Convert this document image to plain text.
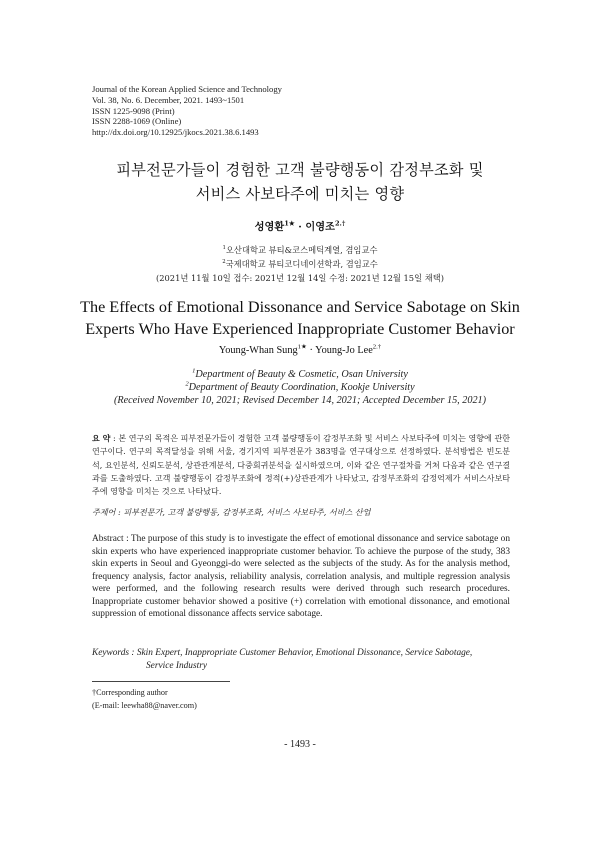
Journal of the Korean Applied Science and Technology
Vol. 38, No. 6. December, 2021. 1493~1501
ISSN 1225-9098 (Print)
ISSN 2288-1069 (Online)
http://dx.doi.org/10.12925/jkocs.2021.38.6.1493
피부전문가들이 경험한 고객 불량행동이 감정부조화 및
서비스 사보타주에 미치는 영향
성영환$^{1★}$ · 이영조$^{2.\dagger}$
$^1$오산대학교 뷰티&코스메틱계열, 겸임교수
$^2$국제대학교 뷰티코디네이션학과, 겸임교수
(2021년 11월 10일 접수: 2021년 12월 14일 수정: 2021년 12월 15일 채택)
The Effects of Emotional Dissonance and Service Sabotage on Skin
Experts Who Have Experienced Inappropriate Customer Behavior
Young-Whan Sung$^{1★}$ · Young-Jo Lee$^{2.\dagger}$
$^1$Department of Beauty & Cosmetic, Osan University
$^2$Department of Beauty Coordination, Kookje University
(Received November 10, 2021; Revised December 14, 2021; Accepted December 15, 2021)
요 약 : 본 연구의 목적은 피부전문가들이 경험한 고객 불량행동이 감정부조화 및 서비스 사보타주에 미치는 영향에 관한 연구이다. 연구의 목적달성을 위해 서울, 경기지역 피부전문가 383명을 연구대상으로 선정하였다. 분석방법은 빈도분석, 요인분석, 신뢰도분석, 상관관계분석, 다중회귀분석을 실시하였으며, 이와 같은 연구절차를 거쳐 다음과 같은 연구결과를 도출하였다. 고객 불량행동이 감정부조화에 정적(+)상관관계가 나타났고, 감정부조화의 감정억제가 서비스사보타주에 영향을 미치는 것으로 나타났다.
주제어 : 피부전문가, 고객 불량행동, 감정부조화, 서비스 사보타주, 서비스 산업
Abstract : The purpose of this study is to investigate the effect of emotional dissonance and service sabotage on skin experts who have experienced inappropriate customer behavior. To achieve the purpose of the study, 383 skin experts in Seoul and Gyeonggi-do were selected as the subjects of the study. As for the analysis method, frequency analysis, factor analysis, reliability analysis, correlation analysis, and multiple regression analysis were performed, and the following research results were derived through such research procedures. Inappropriate customer behavior showed a positive (+) correlation with emotional dissonance, and emotional suppression of emotional dissonance affects service sabotage.
Keywords : Skin Expert, Inappropriate Customer Behavior, Emotional Dissonance, Service Sabotage,
Service Industry
†Corresponding author
(E-mail: leewha88@naver.com)
- 1493 -
